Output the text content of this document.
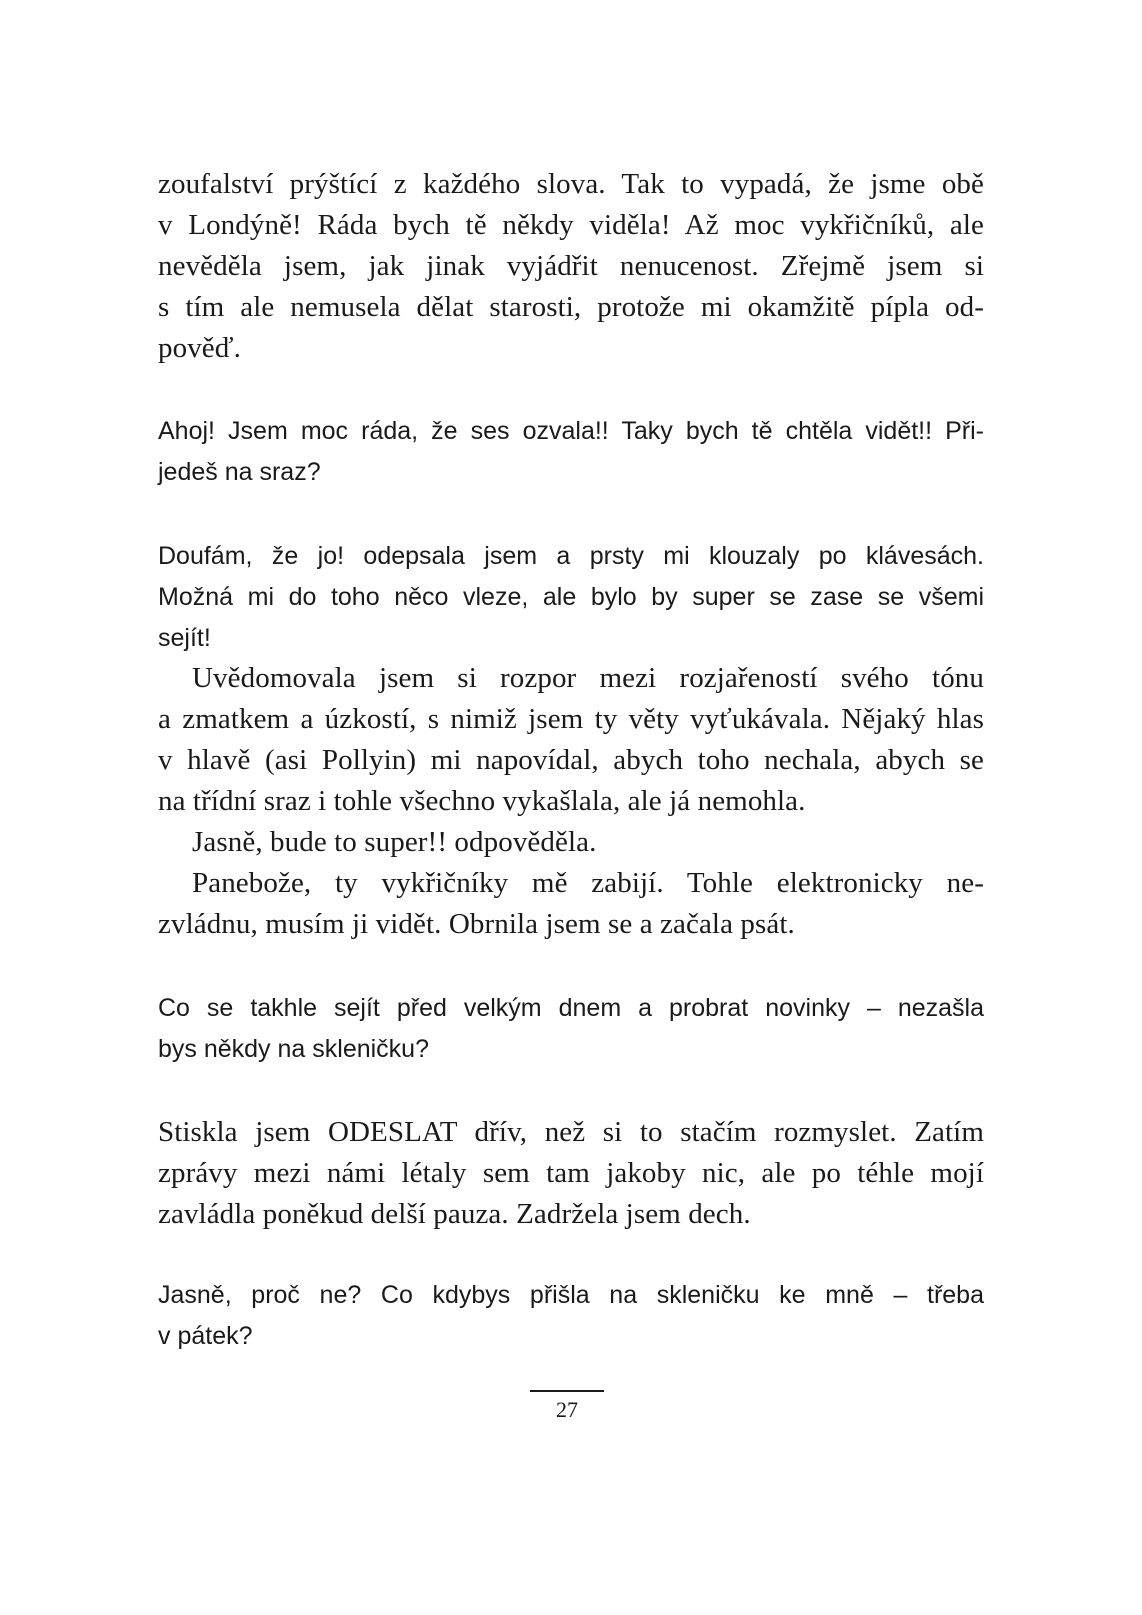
zoufalství prýštící z každého slova. Tak to vypadá, že jsme obě
v Londýně! Ráda bych tě někdy viděla! Až moc vykřičníků, ale
nevěděla jsem, jak jinak vyjádřit nenucenost. Zřejmě jsem si
s tím ale nemusela dělat starosti, protože mi okamžitě pípla od-
pověď.

Ahoj! Jsem moc ráda, že ses ozvala!! Taky bych tě chtěla vidět!! Při-
jedeš na sraz?

Doufám, že jo! odepsala jsem a prsty mi klouzaly po klávesách.
Možná mi do toho něco vleze, ale bylo by super se zase se všemi
sejít!

Uvědomovala jsem si rozpor mezi rozjařeností svého tónu
a zmatkem a úzkostí, s nimiž jsem ty věty vyťukávala. Nějaký hlas
v hlavě (asi Pollyin) mi napovídal, abych toho nechala, abych se
na třídní sraz i tohle všechno vykašlala, ale já nemohla.
Jasně, bude to super!! odpověděla.
Panebože, ty vykřičníky mě zabijí. Tohle elektronicky ne-
zvládnu, musím ji vidět. Obrnila jsem se a začala psát.

Co se takhle sejít před velkým dnem a probrat novinky – nezašla
bys někdy na skleničku?

Stiskla jsem ODESLAT dřív, než si to stačím rozmyslet. Zatím
zprávy mezi námi létaly sem tam jakoby nic, ale po téhle mojí
zavládla poněkud delší pauza. Zadržela jsem dech.

Jasně, proč ne? Co kdybys přišla na skleničku ke mně – třeba
v pátek?

27
